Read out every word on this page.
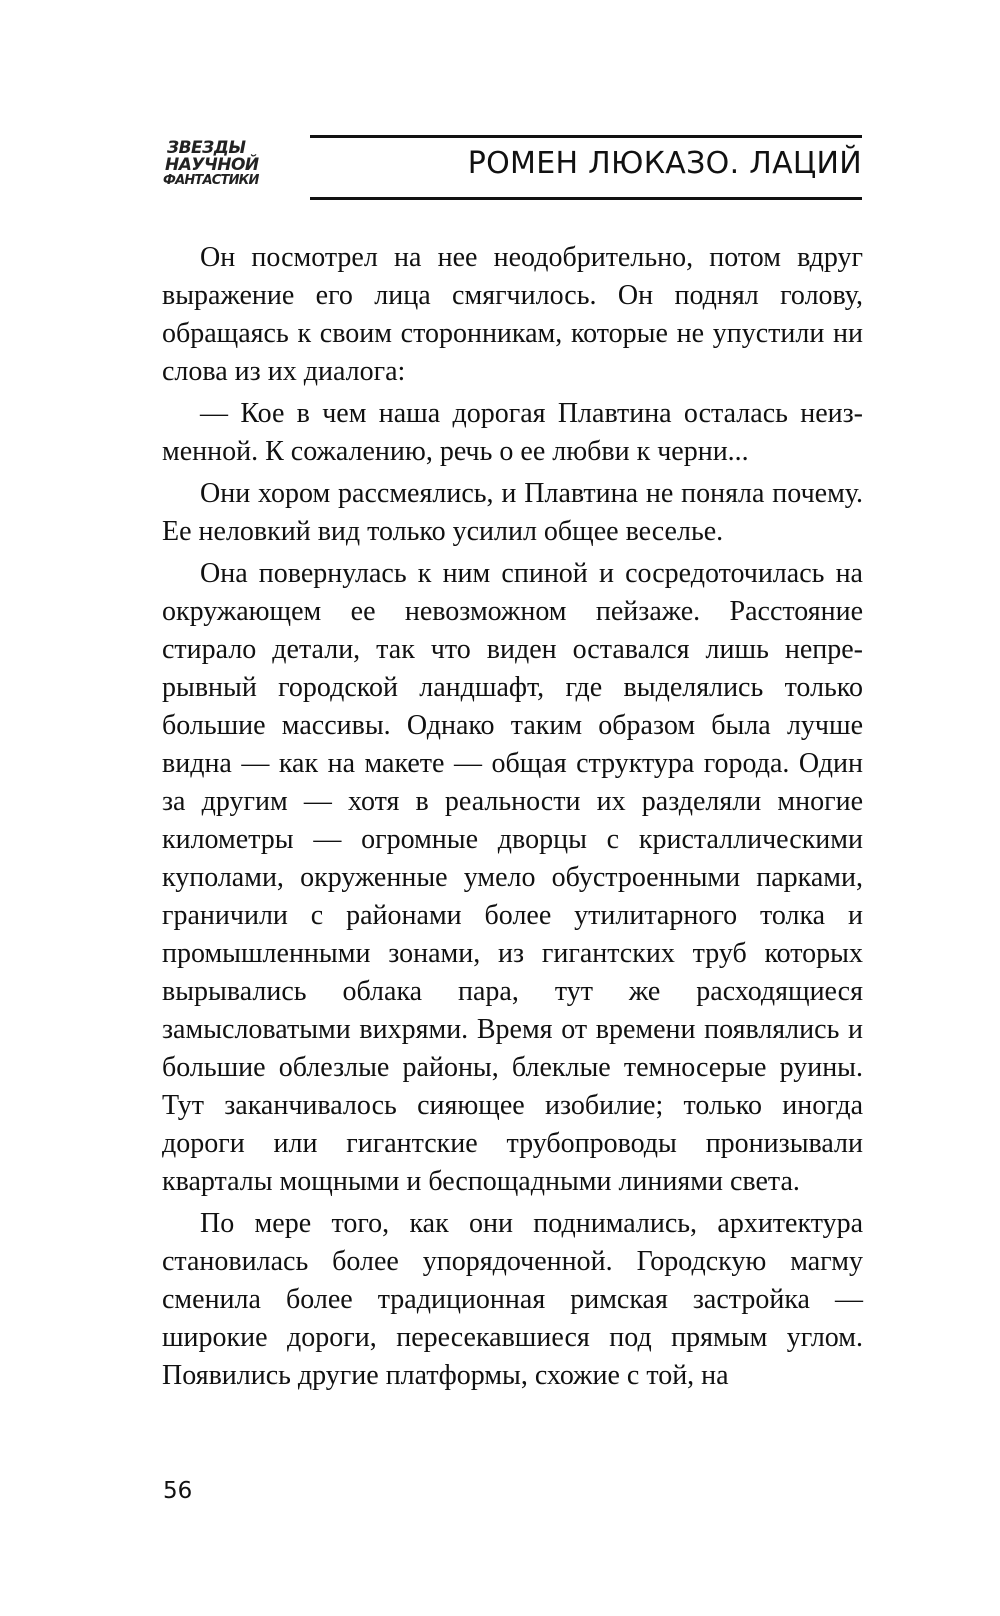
ЗВЕЗДЫ
НАУЧНОЙ
ФАНТАСТИКИ	РОМЕН ЛЮКАЗО. ЛАЦИЙ

Он посмотрел на нее неодобрительно, потом вдруг выражение его лица смягчилось. Он поднял голову, обращаясь к своим сторонникам, которые не упустили ни слова из их диалога:

— Кое в чем наша дорогая Плавтина осталась неизменной. К сожалению, речь о ее любви к черни...

Они хором рассмеялись, и Плавтина не поняла почему. Ее неловкий вид только усилил общее веселье.

Она повернулась к ним спиной и сосредоточилась на окружающем ее невозможном пейзаже. Расстояние стирало детали, так что виден оставался лишь непрерывный городской ландшафт, где выделялись только большие массивы. Однако таким образом была лучше видна — как на макете — общая структура города. Один за другим — хотя в реальности их разделяли многие километры — огромные дворцы с кристаллическими куполами, окруженные умело обустроенными парками, граничили с районами более утилитарного толка и промышленными зонами, из гигантских труб которых вырывались облака пара, тут же расходящиеся замысловатыми вихрями. Время от времени появлялись и большие облезлые районы, блеклые темносерые руины. Тут заканчивалось сияющее изобилие; только иногда дороги или гигантские трубопроводы пронизывали кварталы мощными и беспощадными линиями света.

По мере того, как они поднимались, архитектура становилась более упорядоченной. Городскую магму сменила более традиционная римская застройка — широкие дороги, пересекавшиеся под прямым углом. Появились другие платформы, схожие с той, на

56
